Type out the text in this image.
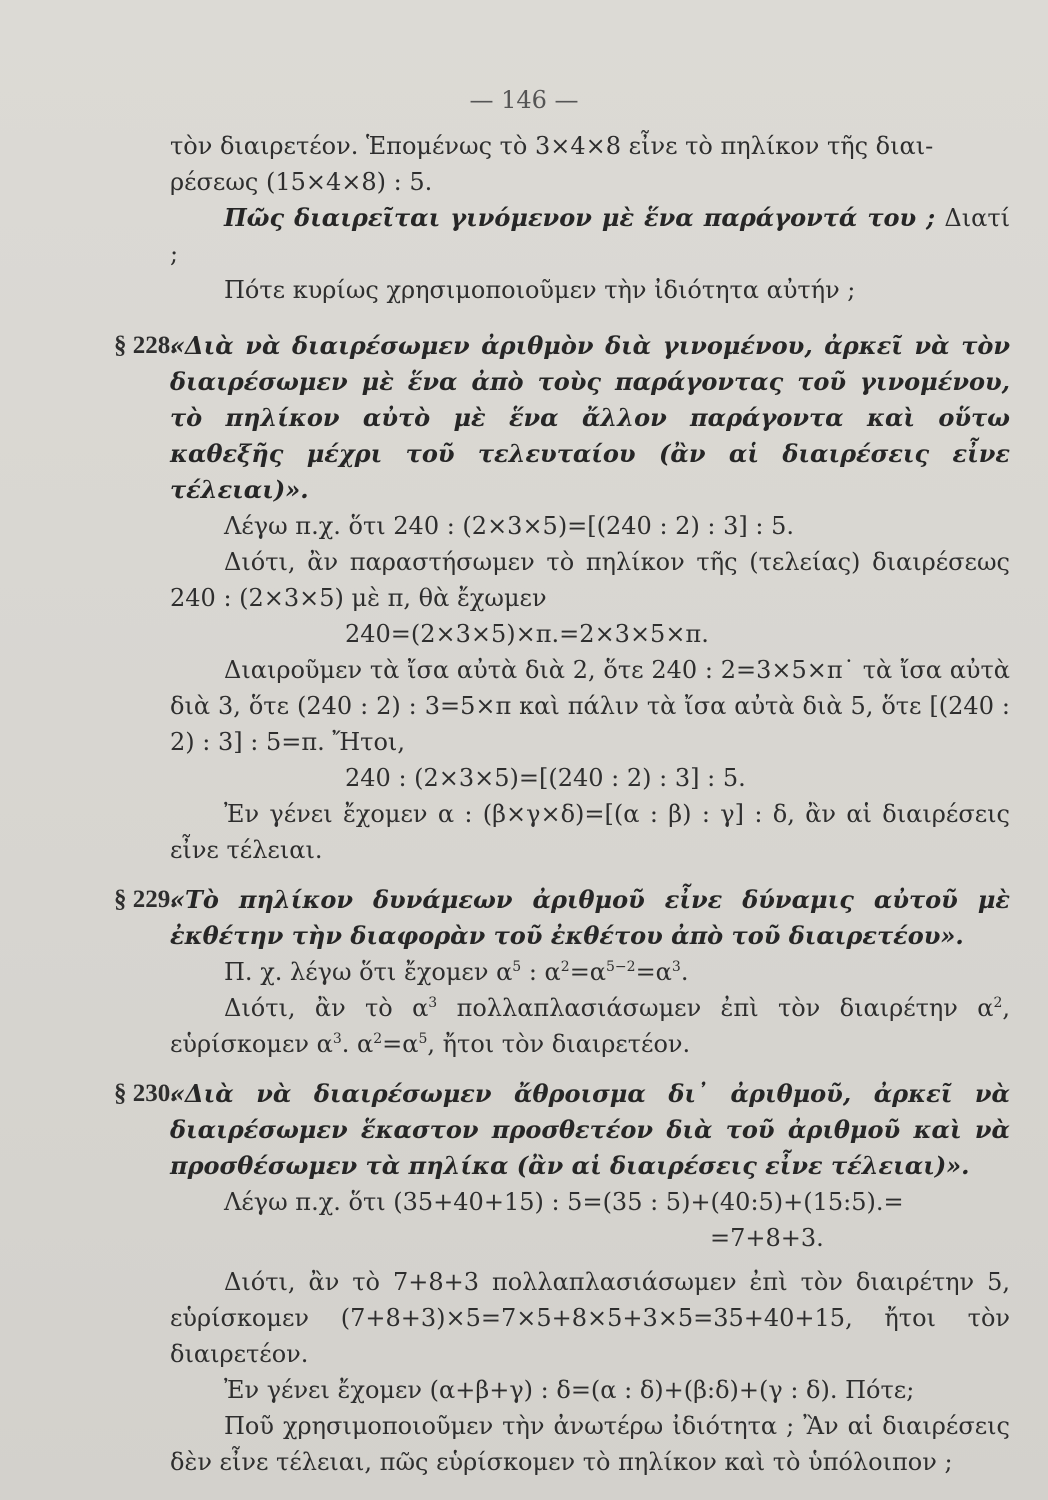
— 146 —

τὸν διαιρετέον. Ἑπομένως τὸ 3×4×8 εἶνε τὸ πηλίκον τῆς διαι-

ρέσεως (15×4×8) : 5.

Πῶς διαιρεῖται γινόμενον μὲ ἕνα παράγοντά του ; Διατί ;

Πότε κυρίως χρησιμοποιοῦμεν τὴν ἰδιότητα αὐτήν ;

§ 228.

«Διὰ νὰ διαιρέσωμεν ἀριθμὸν διὰ γινομένου, ἀρκεῖ νὰ τὸν διαιρέσωμεν μὲ ἕνα ἀπὸ τοὺς παράγοντας τοῦ γινομένου, τὸ πηλίκον αὐτὸ μὲ ἕνα ἄλλον παράγοντα καὶ οὕτω καθεξῆς μέχρι τοῦ τελευταίου (ἂν αἱ διαιρέσεις εἶνε τέλειαι)».

Λέγω π.χ. ὅτι 240 : (2×3×5)=[(240 : 2) : 3] : 5.

Διότι, ἂν παραστήσωμεν τὸ πηλίκον τῆς (τελείας) διαιρέσεως 240 : (2×3×5) μὲ π, θὰ ἔχωμεν

240=(2×3×5)×π.=2×3×5×π.

Διαιροῦμεν τὰ ἴσα αὐτὰ διὰ 2, ὅτε 240 : 2=3×5×π˙ τὰ ἴσα αὐτὰ διὰ 3, ὅτε (240 : 2) : 3=5×π καὶ πάλιν τὰ ἴσα αὐτὰ διὰ 5, ὅτε [(240 : 2) : 3] : 5=π. Ἤτοι,

240 : (2×3×5)=[(240 : 2) : 3] : 5.

Ἐν γένει ἔχομεν α : (β×γ×δ)=[(α : β) : γ] : δ, ἂν αἱ διαιρέσεις εἶνε τέλειαι.

§ 229.

«Τὸ πηλίκον δυνάμεων ἀριθμοῦ εἶνε δύναμις αὐτοῦ μὲ ἐκθέτην τὴν διαφορὰν τοῦ ἐκθέτου ἀπὸ τοῦ διαιρετέου».

Π. χ. λέγω ὅτι ἔχομεν $\alpha^5$ : $\alpha^2=\alpha^{5-2}=\alpha^3$.

Διότι, ἂν τὸ $\alpha^3$ πολλαπλασιάσωμεν ἐπὶ τὸν διαιρέτην $\alpha^2$, εὑρίσκομεν $\alpha^3$. $\alpha^2=\alpha^5$, ἤτοι τὸν διαιρετέον.

§ 230.

«Διὰ νὰ διαιρέσωμεν ἄθροισμα δι᾽ ἀριθμοῦ, ἀρκεῖ νὰ διαιρέσωμεν ἕκαστον προσθετέον διὰ τοῦ ἀριθμοῦ καὶ νὰ προσθέσωμεν τὰ πηλίκα (ἂν αἱ διαιρέσεις εἶνε τέλειαι)».

Λέγω π.χ. ὅτι (35+40+15) : 5=(35 : 5)+(40:5)+(15:5).=

=7+8+3.

Διότι, ἂν τὸ 7+8+3 πολλαπλασιάσωμεν ἐπὶ τὸν διαιρέτην 5, εὑρίσκομεν (7+8+3)×5=7×5+8×5+3×5=35+40+15, ἤτοι τὸν διαιρετέον.

Ἐν γένει ἔχομεν (α+β+γ) : δ=(α : δ)+(β:δ)+(γ : δ). Πότε;

Ποῦ χρησιμοποιοῦμεν τὴν ἀνωτέρω ἰδιότητα ; Ἂν αἱ διαιρέσεις δὲν εἶνε τέλειαι, πῶς εὑρίσκομεν τὸ πηλίκον καὶ τὸ ὑπόλοιπον ;
